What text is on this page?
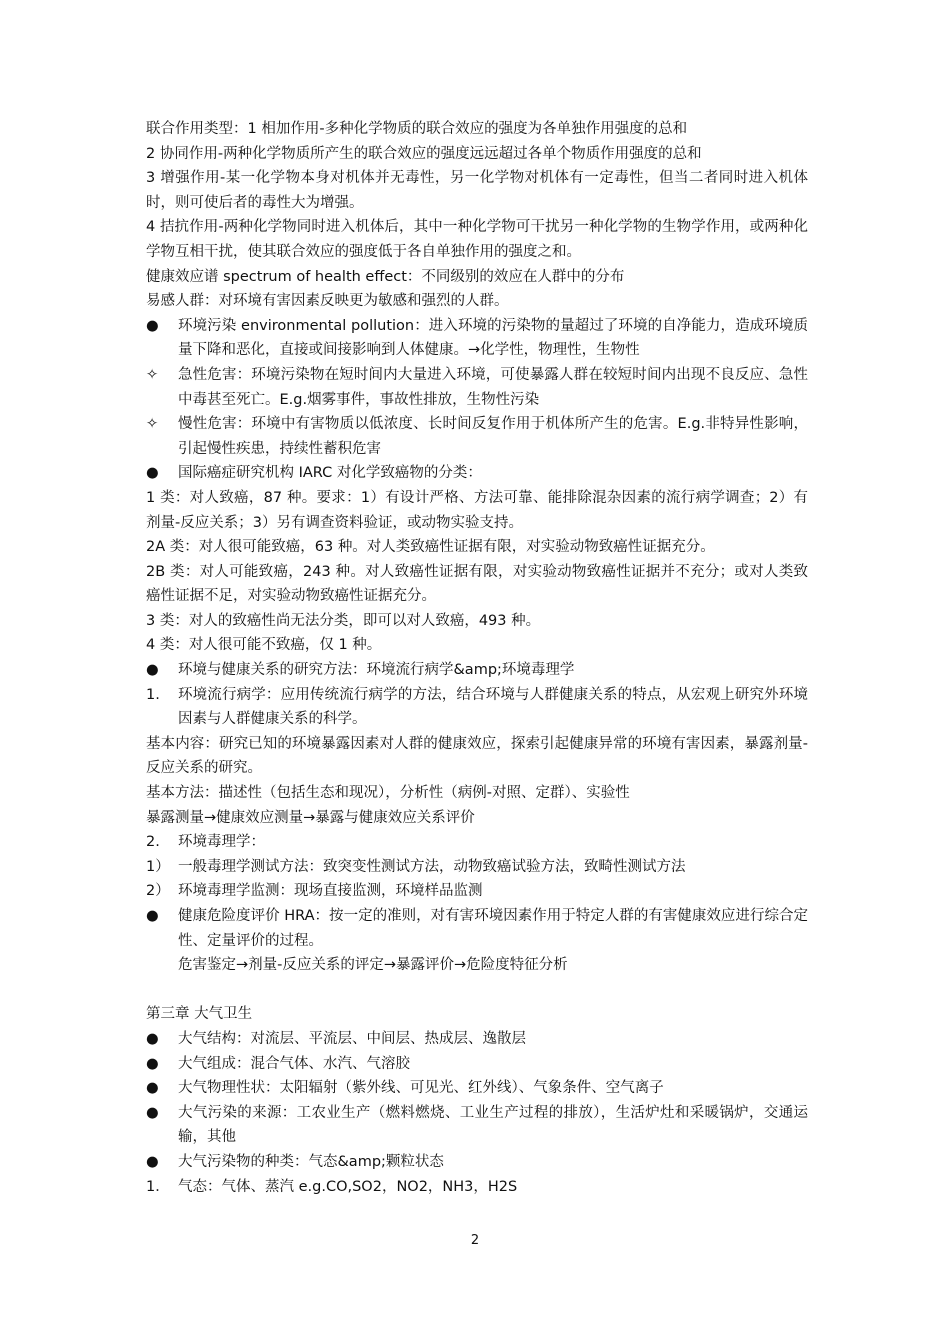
联合作用类型：1 相加作用-多种化学物质的联合效应的强度为各单独作用强度的总和

2 协同作用-两种化学物质所产生的联合效应的强度远远超过各单个物质作用强度的总和

3 增强作用-某一化学物本身对机体并无毒性，另一化学物对机体有一定毒性，但当二者同时进入机体时，则可使后者的毒性大为增强。

4 拮抗作用-两种化学物同时进入机体后，其中一种化学物可干扰另一种化学物的生物学作用，或两种化学物互相干扰，使其联合效应的强度低于各自单独作用的强度之和。

健康效应谱 spectrum of health effect：不同级别的效应在人群中的分布

易感人群：对环境有害因素反映更为敏感和强烈的人群。

●	环境污染 environmental pollution：进入环境的污染物的量超过了环境的自净能力，造成环境质量下降和恶化，直接或间接影响到人体健康。→化学性，物理性，生物性
✧	急性危害：环境污染物在短时间内大量进入环境，可使暴露人群在较短时间内出现不良反应、急性中毒甚至死亡。E.g.烟雾事件，事故性排放，生物性污染
✧	慢性危害：环境中有害物质以低浓度、长时间反复作用于机体所产生的危害。E.g.非特异性影响，引起慢性疾患，持续性蓄积危害
●	国际癌症研究机构 IARC 对化学致癌物的分类：

1 类：对人致癌，87 种。要求：1）有设计严格、方法可靠、能排除混杂因素的流行病学调查；2）有剂量-反应关系；3）另有调查资料验证，或动物实验支持。

2A 类：对人很可能致癌，63 种。对人类致癌性证据有限，对实验动物致癌性证据充分。

2B 类：对人可能致癌，243 种。对人致癌性证据有限，对实验动物致癌性证据并不充分；或对人类致癌性证据不足，对实验动物致癌性证据充分。

3 类：对人的致癌性尚无法分类，即可以对人致癌，493 种。

4 类：对人很可能不致癌，仅 1 种。

●	环境与健康关系的研究方法：环境流行病学&amp;环境毒理学
1.	环境流行病学：应用传统流行病学的方法，结合环境与人群健康关系的特点，从宏观上研究外环境因素与人群健康关系的科学。

基本内容：研究已知的环境暴露因素对人群的健康效应，探索引起健康异常的环境有害因素，暴露剂量-反应关系的研究。

基本方法：描述性（包括生态和现况），分析性（病例-对照、定群）、实验性

暴露测量→健康效应测量→暴露与健康效应关系评价

2.	环境毒理学：
1） 一般毒理学测试方法：致突变性测试方法，动物致癌试验方法，致畸性测试方法
2） 环境毒理学监测：现场直接监测，环境样品监测
●	健康危险度评价 HRA：按一定的准则，对有害环境因素作用于特定人群的有害健康效应进行综合定性、定量评价的过程。

危害鉴定→剂量-反应关系的评定→暴露评价→危险度特征分析

第三章 大气卫生

●	大气结构：对流层、平流层、中间层、热成层、逸散层
●	大气组成：混合气体、水汽、气溶胶
●	大气物理性状：太阳辐射（紫外线、可见光、红外线）、气象条件、空气离子
●	大气污染的来源：工农业生产（燃料燃烧、工业生产过程的排放），生活炉灶和采暖锅炉，交通运输，其他
●	大气污染物的种类：气态&amp;颗粒状态
1． 气态：气体、蒸汽 e.g.CO,SO2，NO2，NH3，H2S
2
